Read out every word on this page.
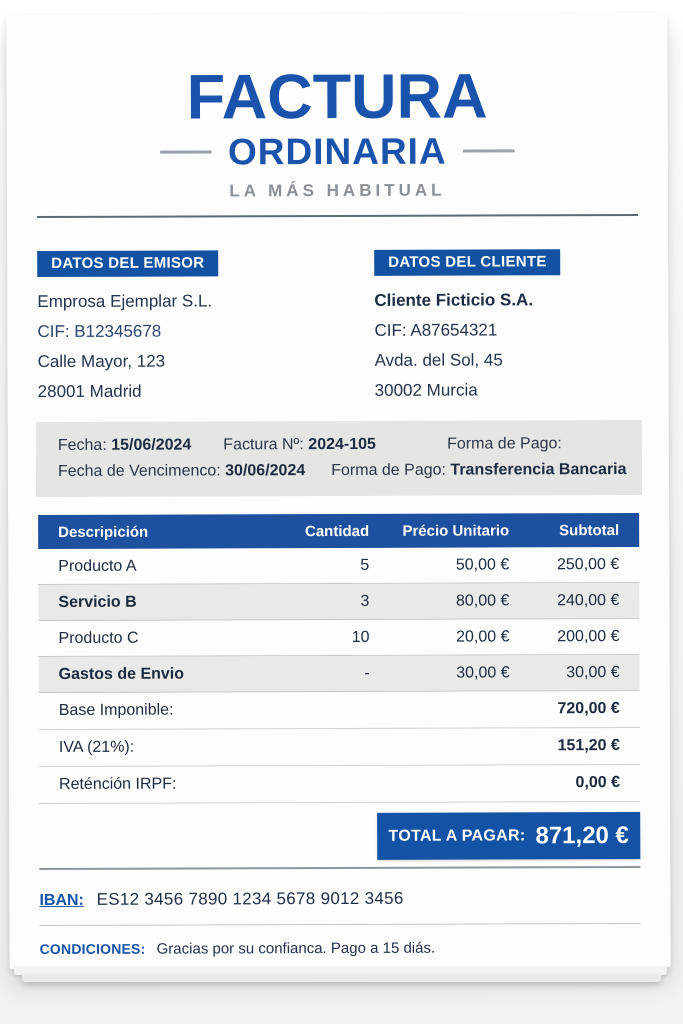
FACTURA
ORDINARIA
LA MÁS HABITUAL
DATOS DEL EMISOR
Emprosa Ejemplar S.L.
CIF: B12345678
Calle Mayor, 123
28001 Madrid
DATOS DEL CLIENTE
Cliente Ficticio S.A.
CIF: A87654321
Avda. del Sol, 45
30002 Murcia
Fecha: 15/06/2024 Factura Nº: 2024-105	Forma de Pago:
Fecha de Vencimenco: 30/06/2024 Forma de Pago: Transferencia Bancaria
Descripición	Cantidad	Précio Unitario	Subtotal
Producto A	5	50,00 €	250,00 €
Servicio B	3	80,00 €	240,00 €
Producto C	10	20,00 €	200,00 €
Gastos de Envio	-	30,00 €	30,00 €
Base Imponible:	720,00 €
IVA (21%):	151,20 €
Reténción IRPF:	0,00 €
TOTAL A PAGAR: 871,20 €
IBAN: ES12 3456 7890 1234 5678 9012 3456
CONDICIONES: Gracias por su confianca. Pago a 15 diás.
